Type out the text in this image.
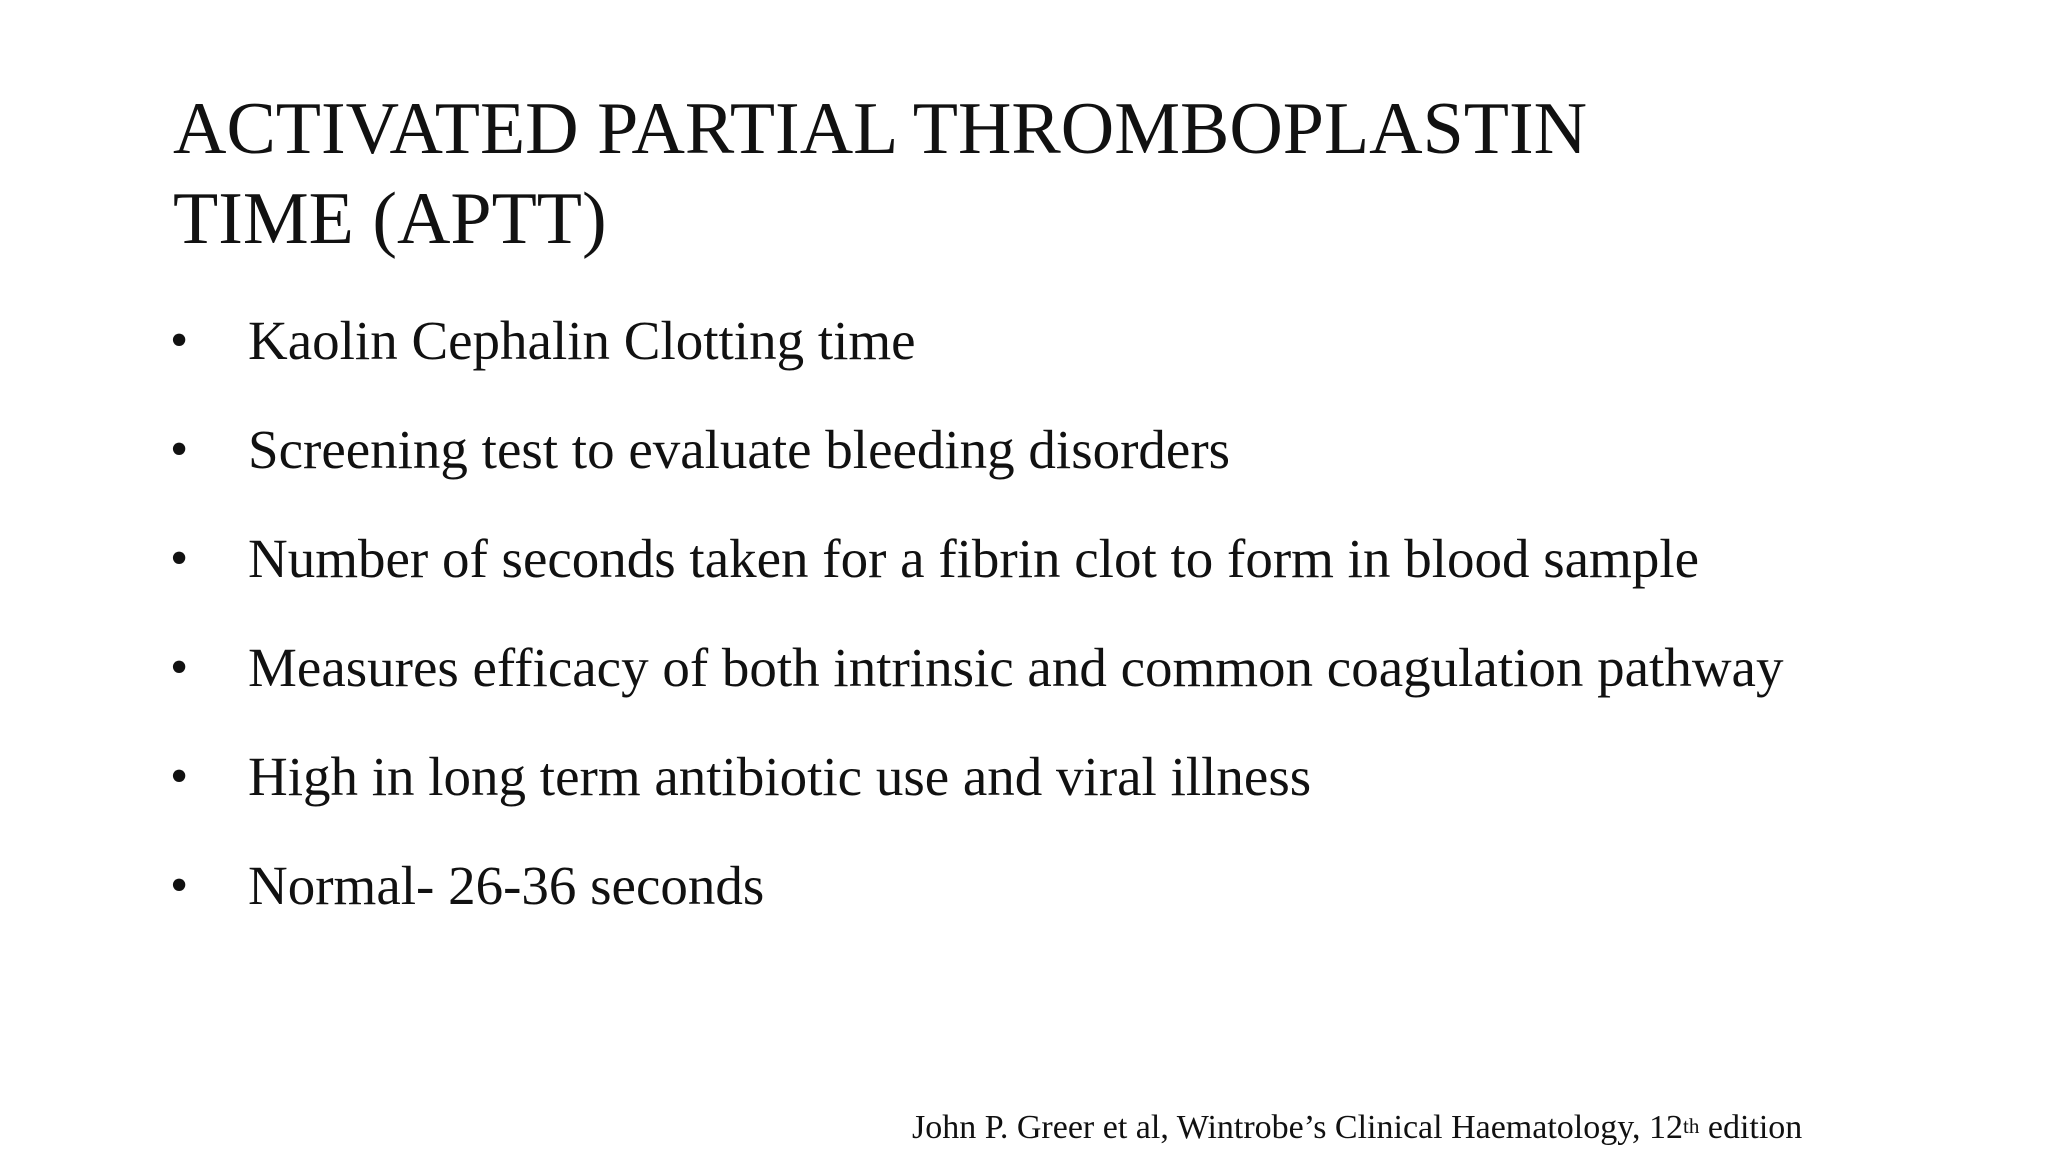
ACTIVATED PARTIAL THROMBOPLASTIN
TIME (APTT)
• Kaolin Cephalin Clotting time
• Screening test to evaluate bleeding disorders
• Number of seconds taken for a fibrin clot to form in blood sample
• Measures efficacy of both intrinsic and common coagulation pathway
• High in long term antibiotic use and viral illness
• Normal- 26-36 seconds
John P. Greer et al, Wintrobe’s Clinical Haematology, 12th edition
